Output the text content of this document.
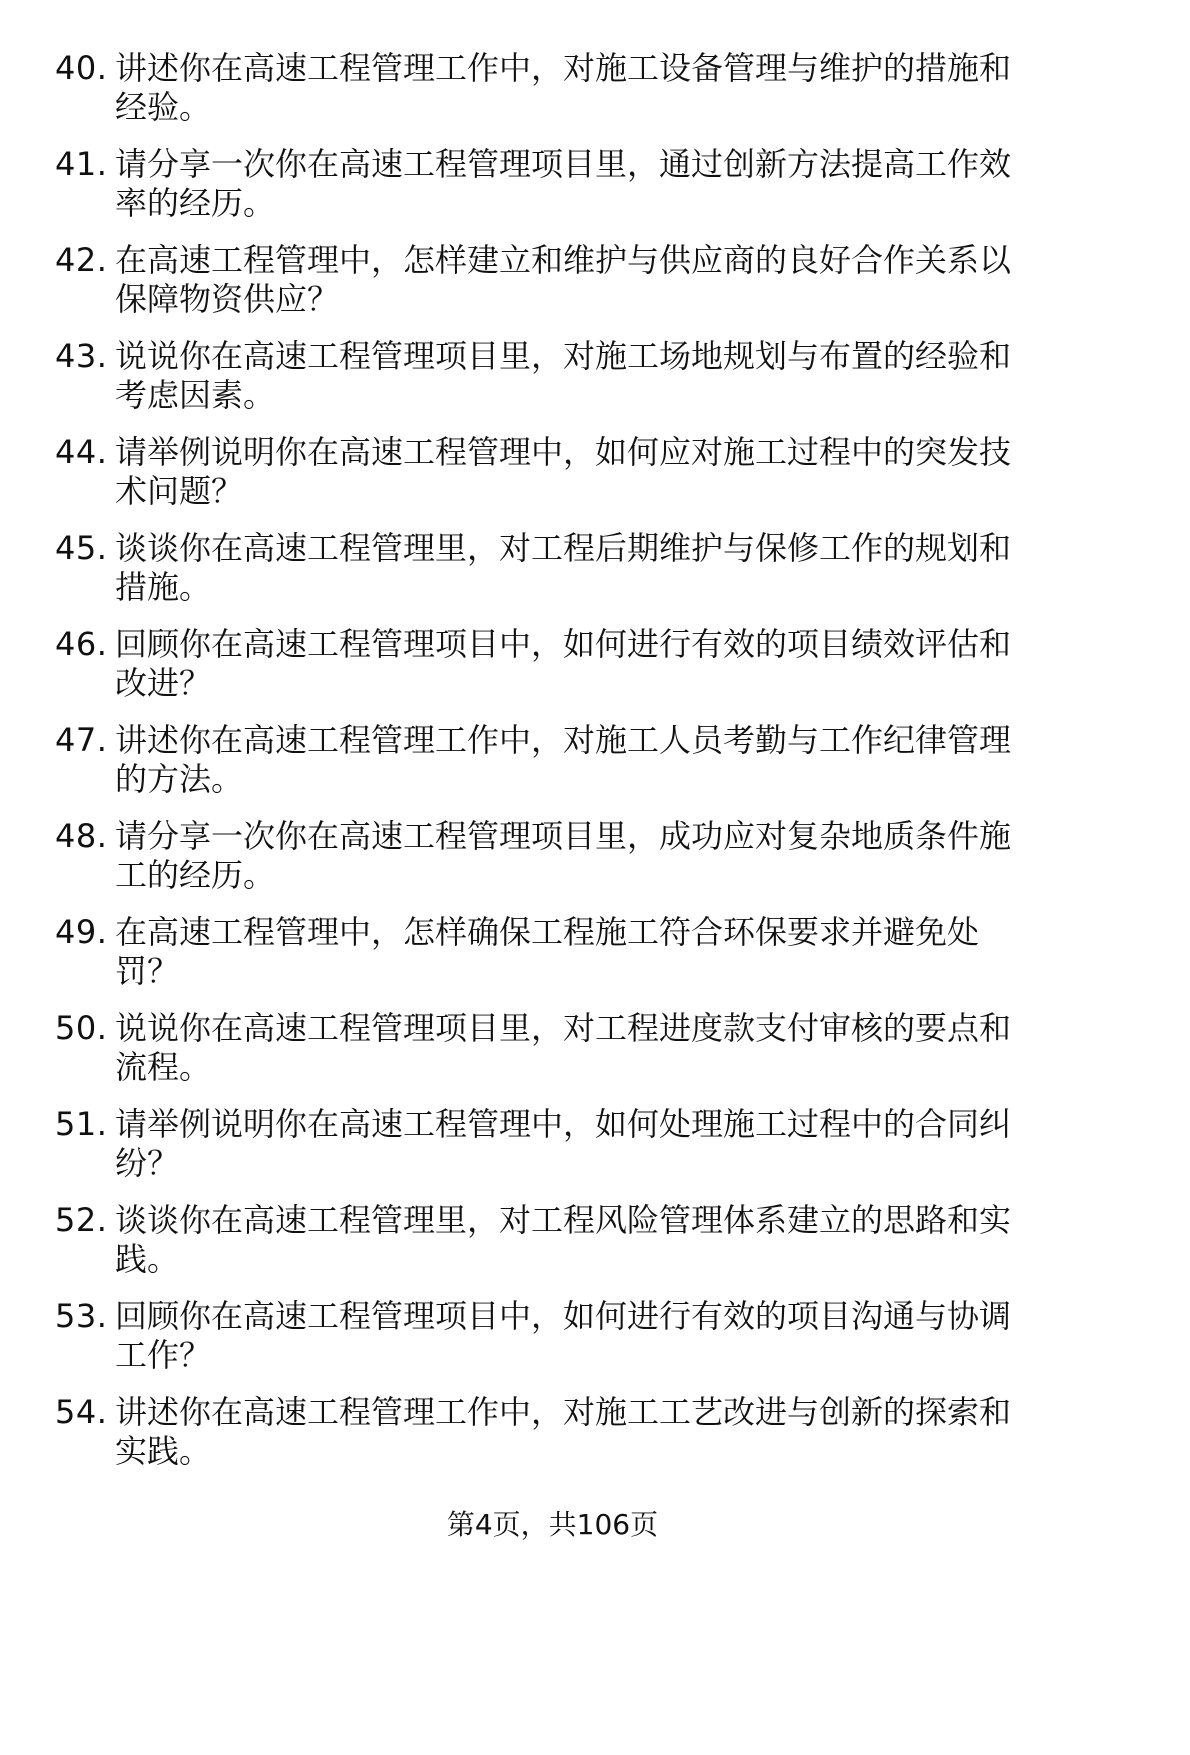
40. 讲述你在高速工程管理工作中，对施工设备管理与维护的措施和经验。
41. 请分享一次你在高速工程管理项目里，通过创新方法提高工作效率的经历。
42. 在高速工程管理中，怎样建立和维护与供应商的良好合作关系以保障物资供应？
43. 说说你在高速工程管理项目里，对施工场地规划与布置的经验和考虑因素。
44. 请举例说明你在高速工程管理中，如何应对施工过程中的突发技术问题？
45. 谈谈你在高速工程管理里，对工程后期维护与保修工作的规划和措施。
46. 回顾你在高速工程管理项目中，如何进行有效的项目绩效评估和改进？
47. 讲述你在高速工程管理工作中，对施工人员考勤与工作纪律管理的方法。
48. 请分享一次你在高速工程管理项目里，成功应对复杂地质条件施工的经历。
49. 在高速工程管理中，怎样确保工程施工符合环保要求并避免处罚？
50. 说说你在高速工程管理项目里，对工程进度款支付审核的要点和流程。
51. 请举例说明你在高速工程管理中，如何处理施工过程中的合同纠纷？
52. 谈谈你在高速工程管理里，对工程风险管理体系建立的思路和实践。
53. 回顾你在高速工程管理项目中，如何进行有效的项目沟通与协调工作？
54. 讲述你在高速工程管理工作中，对施工工艺改进与创新的探索和实践。
第4页，共106页
